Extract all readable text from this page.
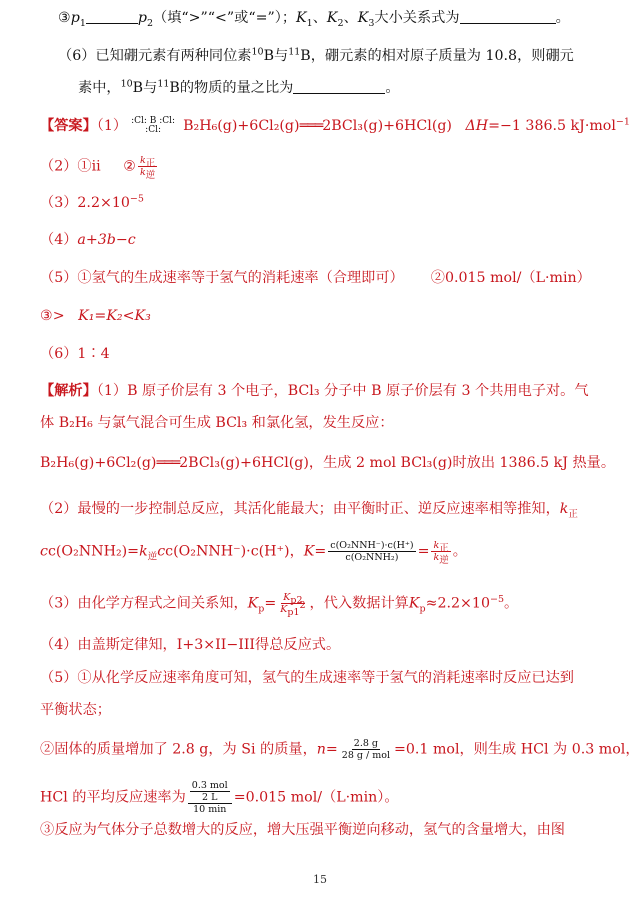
$③p_1$	$p_2$（填“>”“<”或“=”）；$K_1$、$K_2$、$K_3$大小关系式为	。
（6）已知硼元素有两种同位素$^{10}$B与$^{11}$B，硼元素的相对原子质量为 10.8，则硼元
素中，$^{10}$B与$^{11}$B的物质的量之比为	。
【答案】（1） :Cl: B :Cl:
:Cl: B₂H₆(g)+6Cl₂(g)═══2BCl₃(g)+6HCl(g) ΔH=−1 386.5 kJ·mol$^{-1}$
（2）①ii ② $\frac{k_正}{k_逆}$
$(3)2.2\times 10^{-5}$
（4）a+3b−c
（5）①氢气的生成速率等于氢气的消耗速率（合理即可） ②0.015 mol/（L·min）
③> K₁=K₂<K₃
（6）1∶4
【解析】（1）B 原子价层有 3 个电子，BCl₃ 分子中 B 原子价层有 3 个共用电子对。气
体 B₂H₆ 与氯气混合可生成 BCl₃ 和氯化氢，发生反应：
B₂H₆(g)+6Cl₂(g)═══2BCl₃(g)+6HCl(g)，生成 2 mol BCl₃(g)时放出 1386.5 kJ 热量。
（2）最慢的一步控制总反应，其活化能最大；由平衡时正、逆反应速率相等推知，$k_正$
$cc(O_2NNH_2)=k_逆cc(O_2NNH^-)\cdot c(H^+)$，$K= \frac{\text{c(O₂NNH⁻)·c(H⁺)}}{\text{c(O₂NNH₂)}} = \frac{k_正}{k_逆}$ 。
（3）由化学方程式之间关系知，$K_p= \frac{K_{p2}}{K_{p1}^2}$ ，代入数据计算$K_p\approx 2.2\times 10^{-5}$。
（4）由盖斯定律知，I+3×II−III得总反应式。
（5）①从化学反应速率角度可知，氢气的生成速率等于氢气的消耗速率时反应已达到
平衡状态；
②固体的质量增加了 2.8 g，为 Si 的质量，$n= \frac{2.8 g}{\text{28 g / mol}} =0.1$ mol，则生成 HCl 为 0.3 mol，
HCl 的平均反应速率为 0.3 mol
2 L
10 min =0.015 mol/（L·min）。
③反应为气体分子总数增大的反应，增大压强平衡逆向移动，氢气的含量增大，由图
15
